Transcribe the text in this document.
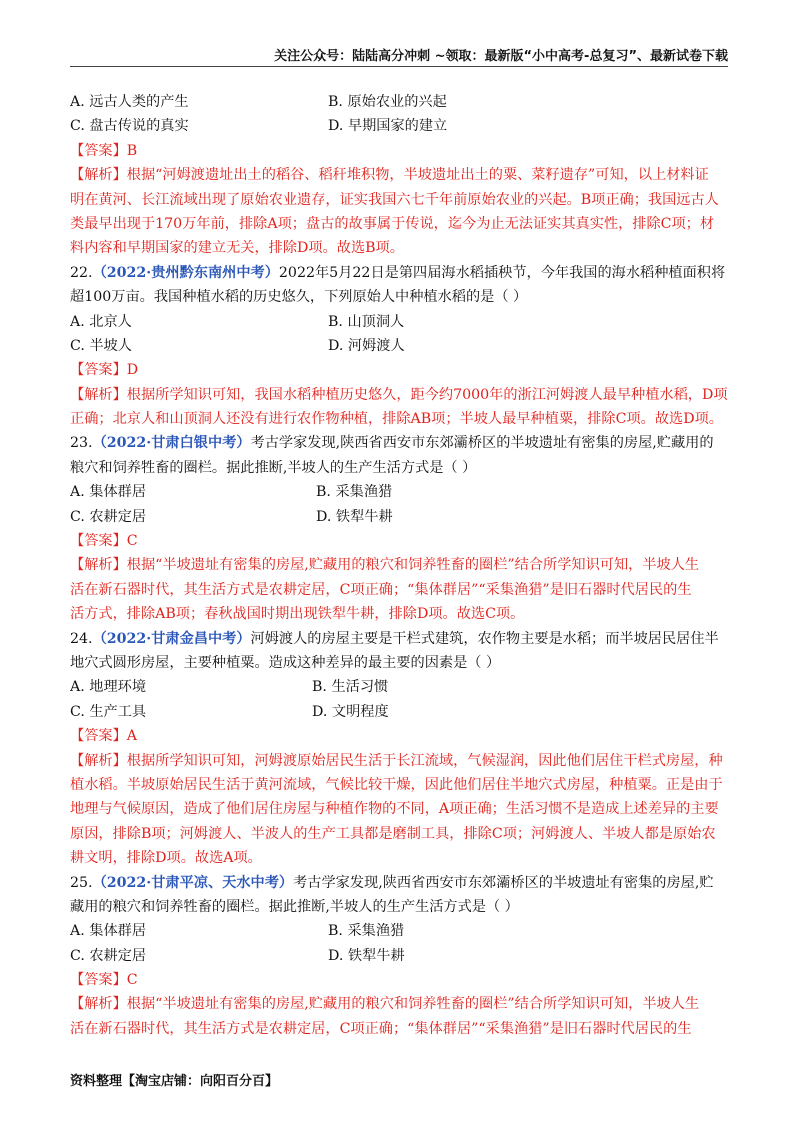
关注公众号：陆陆高分冲刺 ~领取：最新版“小中高考-总复习”、最新试卷下载
A. 远古人类的产生	B. 原始农业的兴起
C. 盘古传说的真实	D. 早期国家的建立
【答案】B
【解析】根据“河姆渡遗址出土的稻谷、稻秆堆积物，半坡遗址出土的粟、菜籽遗存”可知，以上材料证
明在黄河、长江流域出现了原始农业遗存，证实我国六七千年前原始农业的兴起。B项正确；我国远古人
类最早出现于170万年前，排除A项；盘古的故事属于传说，迄今为止无法证实其真实性，排除C项；材
料内容和早期国家的建立无关，排除D项。故选B项。
22.（2022·贵州黔东南州中考）2022年5月22日是第四届海水稻插秧节，今年我国的海水稻种植面积将
超100万亩。我国种植水稻的历史悠久，下列原始人中种植水稻的是（ ）
A. 北京人	B. 山顶洞人
C. 半坡人	D. 河姆渡人
【答案】D
【解析】根据所学知识可知，我国水稻种植历史悠久，距今约7000年的浙江河姆渡人最早种植水稻，D项
正确；北京人和山顶洞人还没有进行农作物种植，排除AB项；半坡人最早种植粟，排除C项。故选D项。
23.（2022·甘肃白银中考）考古学家发现,陕西省西安市东郊灞桥区的半坡遗址有密集的房屋,贮藏用的
粮穴和饲养牲畜的圈栏。据此推断,半坡人的生产生活方式是（ ）
A. 集体群居	B. 采集渔猎
C. 农耕定居	D. 铁犁牛耕
【答案】C
【解析】根据“半坡遗址有密集的房屋,贮藏用的粮穴和饲养牲畜的圈栏”结合所学知识可知，半坡人生
活在新石器时代，其生活方式是农耕定居，C项正确；“集体群居”“采集渔猎”是旧石器时代居民的生
活方式，排除AB项；春秋战国时期出现铁犁牛耕，排除D项。故选C项。
24.（2022·甘肃金昌中考）河姆渡人的房屋主要是干栏式建筑，农作物主要是水稻；而半坡居民居住半
地穴式圆形房屋，主要种植粟。造成这种差异的最主要的因素是（ ）
A. 地理环境	B. 生活习惯
C. 生产工具	D. 文明程度
【答案】A
【解析】根据所学知识可知，河姆渡原始居民生活于长江流域，气候湿润，因此他们居住干栏式房屋，种
植水稻。半坡原始居民生活于黄河流域，气候比较干燥，因此他们居住半地穴式房屋，种植粟。正是由于
地理与气候原因，造成了他们居住房屋与种植作物的不同，A项正确；生活习惯不是造成上述差异的主要
原因，排除B项；河姆渡人、半波人的生产工具都是磨制工具，排除C项；河姆渡人、半坡人都是原始农
耕文明，排除D项。故选A项。
25.（2022·甘肃平凉、天水中考）考古学家发现,陕西省西安市东郊灞桥区的半坡遗址有密集的房屋,贮
藏用的粮穴和饲养牲畜的圈栏。据此推断,半坡人的生产生活方式是（ ）
A. 集体群居	B. 采集渔猎
C. 农耕定居	D. 铁犁牛耕
【答案】C
【解析】根据“半坡遗址有密集的房屋,贮藏用的粮穴和饲养牲畜的圈栏”结合所学知识可知，半坡人生
活在新石器时代，其生活方式是农耕定居，C项正确；“集体群居”“采集渔猎”是旧石器时代居民的生
资料整理【淘宝店铺：向阳百分百】
